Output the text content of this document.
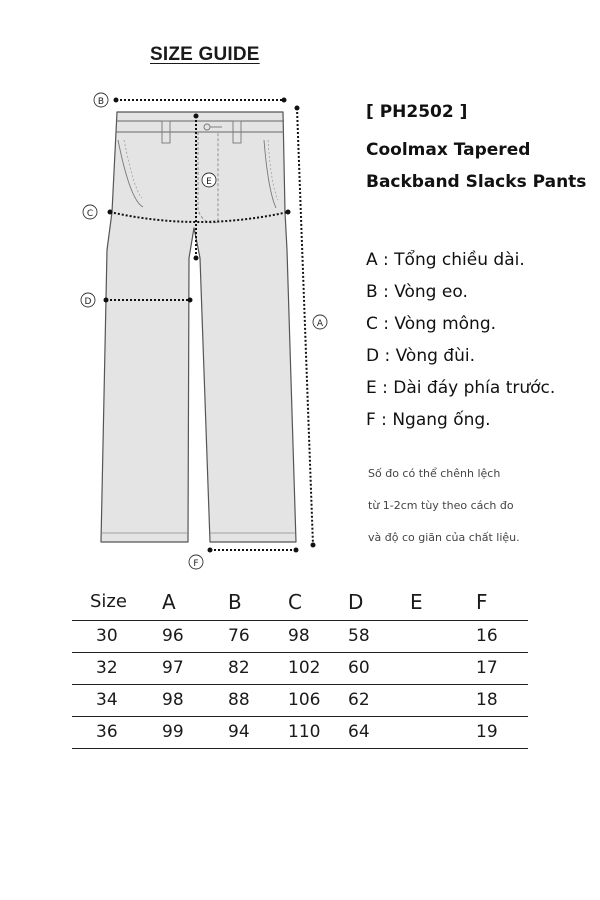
SIZE GUIDE
B
E
C
D
A
F
[ PH2502 ]
Coolmax Tapered
Backband Slacks Pants
A : Tổng chiều dài.
B : Vòng eo.
C : Vòng mông.
D : Vòng đùi.
E : Dài đáy phía trước.
F : Ngang ống.
Số đo có thể chênh lệch
từ 1-2cm tùy theo cách đo
và độ co giãn của chất liệu.
Size	A	B	C	D	E	F
30	96	76	98	58		16
32	97	82	102	60		17
34	98	88	106	62		18
36	99	94	110	64		19
